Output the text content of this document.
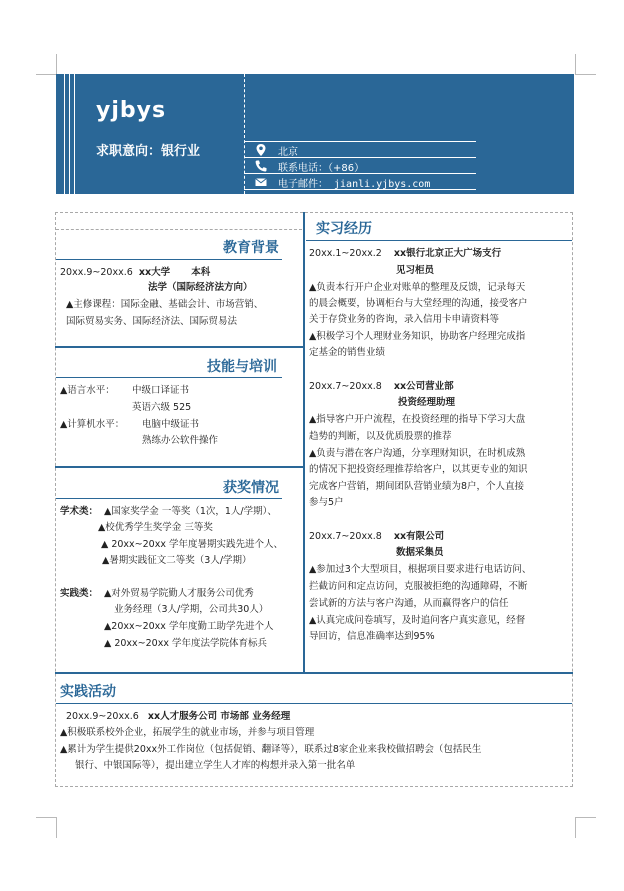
yjbys
求职意向：银行业	北京
联系电话：（+86）
电子邮件： jianli.yjbys.com
教育背景
20xx.9~20xx.6 xx大学 本科
法学（国际经济法方向）
▲主修课程：国际金融、基础会计、市场营销、
国际贸易实务、国际经济法、国际贸易法
技能与培训
▲语言水平： 中级口译证书
英语六级 525
▲计算机水平： 电脑中级证书
熟练办公软件操作
获奖情况
学术类： ▲国家奖学金 一等奖（1次，1人/学期）、
▲校优秀学生奖学金 三等奖
▲ 20xx~20xx 学年度暑期实践先进个人、
▲暑期实践征文二等奖（3人/学期）
实践类： ▲对外贸易学院勤人才服务公司优秀
业务经理（3人/学期，公司共30人）
▲20xx~20xx 学年度勤工助学先进个人
▲ 20xx~20xx 学年度法学院体育标兵
实习经历
20xx.1~20xx.2 xx银行北京正大广场支行
见习柜员
▲负责本行开户企业对账单的整理及反馈，记录每天
的晨会概要，协调柜台与大堂经理的沟通，接受客户
关于存贷业务的咨询，录入信用卡申请资料等
▲积极学习个人理财业务知识，协助客户经理完成指
定基金的销售业绩
20xx.7~20xx.8 xx公司营业部
投资经理助理
▲指导客户开户流程，在投资经理的指导下学习大盘
趋势的判断，以及优质股票的推荐
▲负责与潜在客户沟通，分享理财知识，在时机成熟
的情况下把投资经理推荐给客户，以其更专业的知识
完成客户营销，期间团队营销业绩为8户，个人直接
参与5户
20xx.7~20xx.8 xx有限公司
数据采集员
▲参加过3个大型项目，根据项目要求进行电话访问、
拦截访问和定点访问，克服被拒绝的沟通障碍，不断
尝试新的方法与客户沟通，从而赢得客户的信任
▲认真完成问卷填写，及时追问客户真实意见，经督
导回访，信息准确率达到95%
实践活动
20xx.9~20xx.6 xx人才服务公司 市场部 业务经理
▲积极联系校外企业，拓展学生的就业市场，并参与项目管理
▲累计为学生提供20xx外工作岗位（包括促销、翻译等），联系过8家企业来我校做招聘会（包括民生
银行、中银国际等），提出建立学生人才库的构想并录入第一批名单
